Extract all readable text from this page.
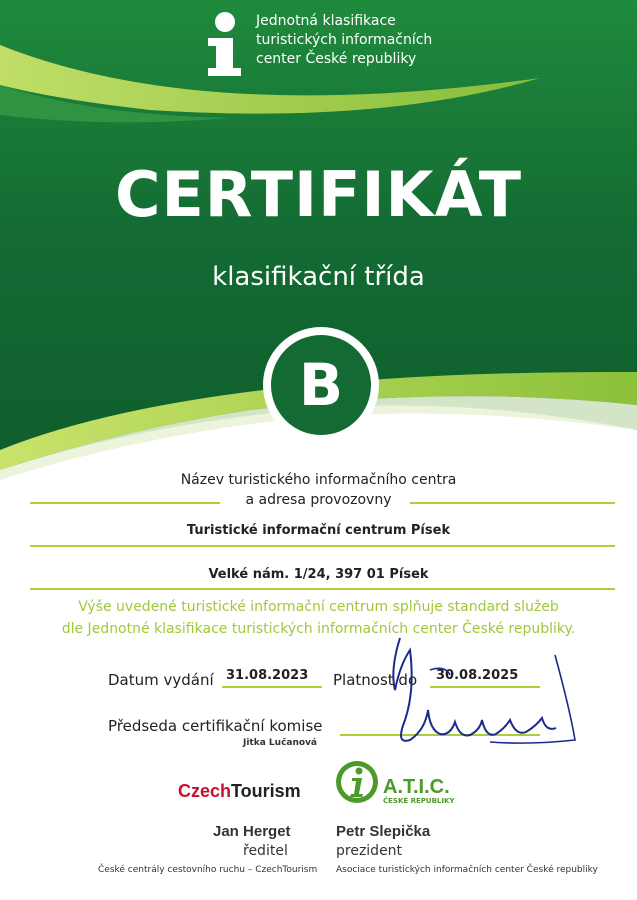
Jednotná klasifikace
turistických informačních
center České republiky
CERTIFIKÁT
klasifikační třída
B
Název turistického informačního centra
a adresa provozovny
Turistické informační centrum Písek
Velké nám. 1/24, 397 01 Písek
Výše uvedené turistické informační centrum splňuje standard služeb
dle Jednotné klasifikace turistických informačních center České republiky.
Datum vydání 31.08.2023 Platnost do 30.08.2025
Předseda certifikační komise
Jitka Lučanová
CzechTourism	A.T.I.C.
ČESKÉ REPUBLIKY
Jan Herget
ředitel
České centrály cestovního ruchu – CzechTourism
Petr Slepička
prezident
Asociace turistických informačních center České republiky
